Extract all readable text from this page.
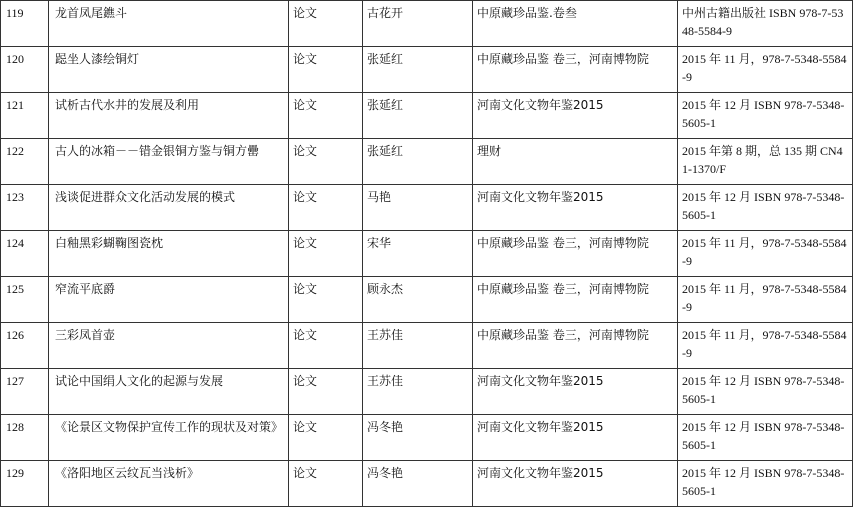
119	龙首凤尾鐎斗	论文	古花开	中原藏珍品鉴.卷叁	中州古籍出版社 ISBN 978-7-5348-5584-9
120	跽坐人漆绘铜灯	论文	张延红	中原藏珍品鉴 卷三，河南博物院	2015 年 11 月，978-7-5348-5584-9
121	试析古代水井的发展及利用	论文	张延红	河南文化文物年鉴2015	2015 年 12 月 ISBN 978-7-5348-5605-1
122	古人的冰箱－－错金银铜方鉴与铜方罍	论文	张延红	理财	2015 年第 8 期，总 135 期 CN41-1370/F
123	浅谈促进群众文化活动发展的模式	论文	马艳	河南文化文物年鉴2015	2015 年 12 月 ISBN 978-7-5348-5605-1
124	白釉黑彩蝴鞠图瓷枕	论文	宋华	中原藏珍品鉴 卷三，河南博物院	2015 年 11 月，978-7-5348-5584-9
125	窄流平底爵	论文	顾永杰	中原藏珍品鉴 卷三，河南博物院	2015 年 11 月，978-7-5348-5584-9
126	三彩凤首壶	论文	王苏佳	中原藏珍品鉴 卷三，河南博物院	2015 年 11 月，978-7-5348-5584-9
127	试论中国绢人文化的起源与发展	论文	王苏佳	河南文化文物年鉴2015	2015 年 12 月 ISBN 978-7-5348-5605-1
128	《论景区文物保护宣传工作的现状及对策》	论文	冯冬艳	河南文化文物年鉴2015	2015 年 12 月 ISBN 978-7-5348-5605-1
129	《洛阳地区云纹瓦当浅析》	论文	冯冬艳	河南文化文物年鉴2015	2015 年 12 月 ISBN 978-7-5348-5605-1
